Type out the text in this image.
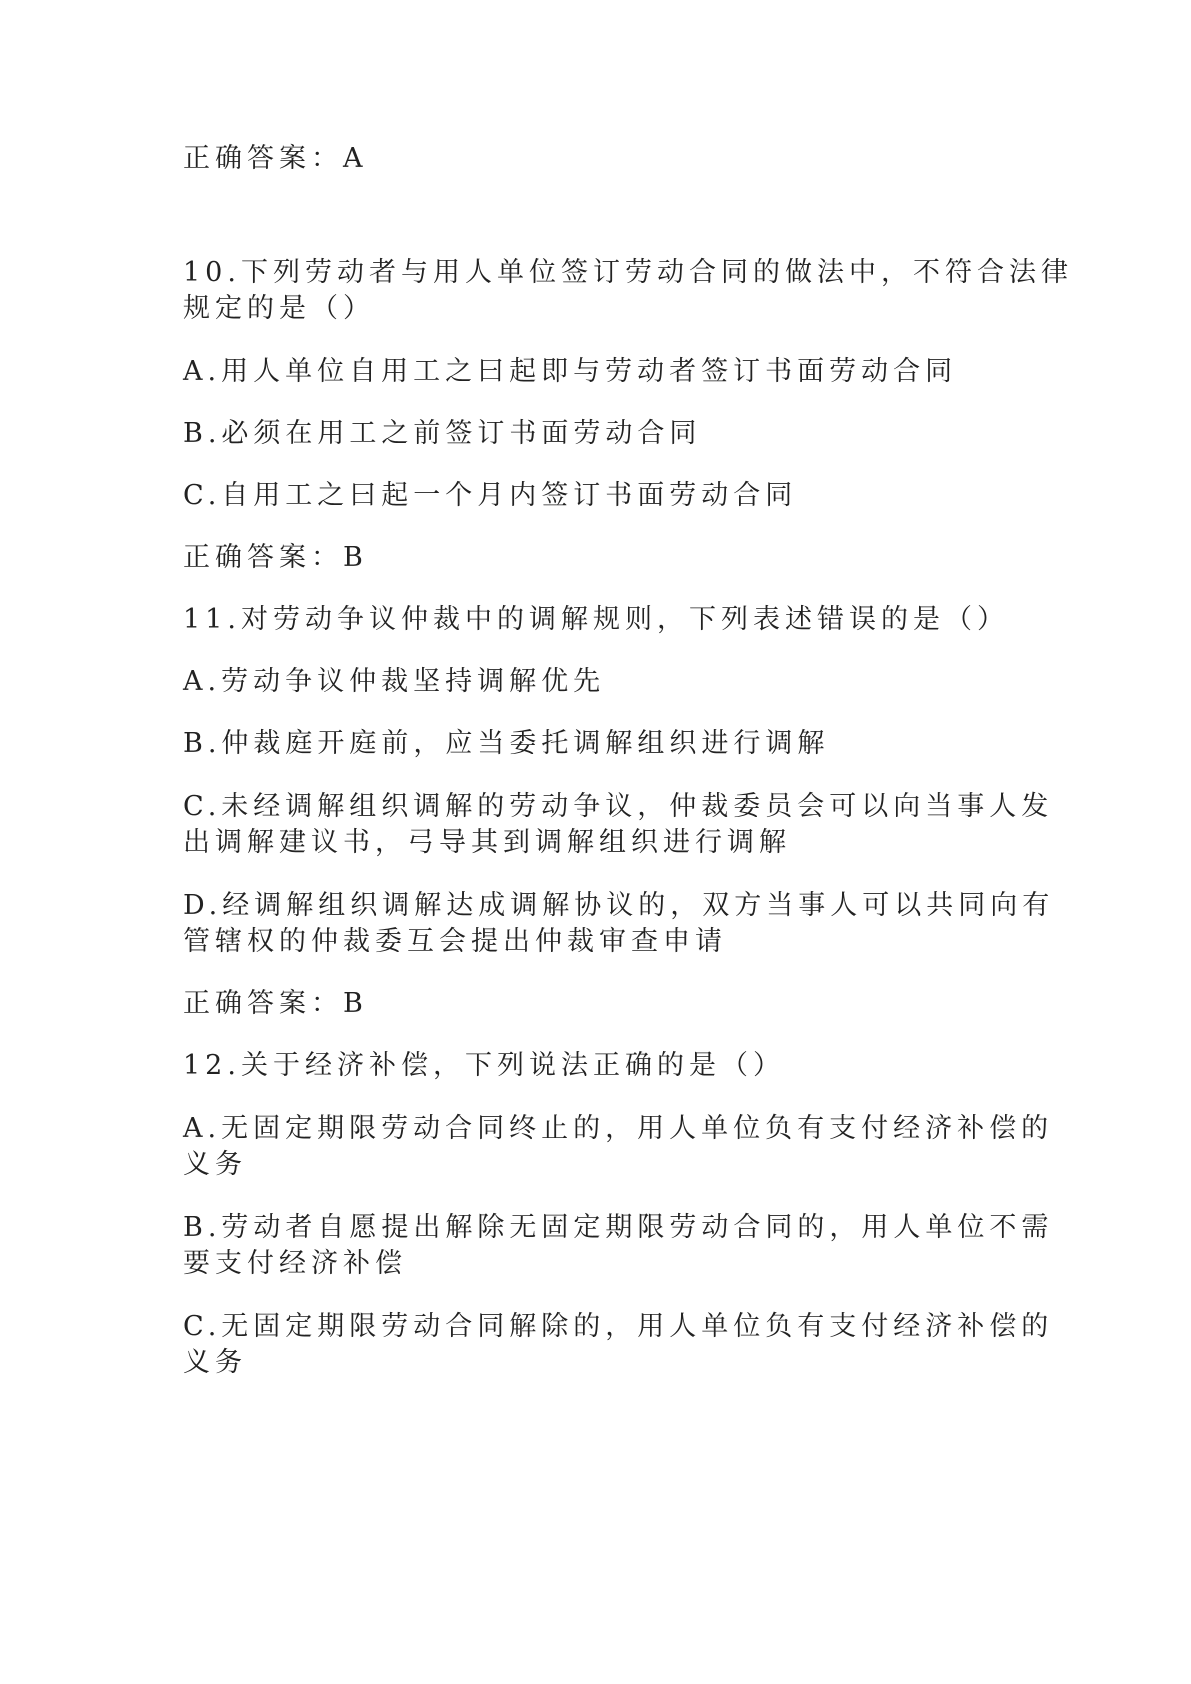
正确答案：A

10.下列劳动者与用人单位签订劳动合同的做法中，不符合法律

规定的是（）

A.用人单位自用工之曰起即与劳动者签订书面劳动合同

B.必须在用工之前签订书面劳动合同

C.自用工之曰起一个月内签订书面劳动合同

正确答案：B

11.对劳动争议仲裁中的调解规则，下列表述错误的是（）

A.劳动争议仲裁坚持调解优先

B.仲裁庭开庭前，应当委托调解组织进行调解

C.未经调解组织调解的劳动争议，仲裁委员会可以向当事人发

出调解建议书，弓导其到调解组织进行调解

D.经调解组织调解达成调解协议的，双方当事人可以共同向有

管辖权的仲裁委互会提出仲裁审查申请

正确答案：B

12.关于经济补偿，下列说法正确的是（）

A.无固定期限劳动合同终止的，用人单位负有支付经济补偿的

义务

B.劳动者自愿提出解除无固定期限劳动合同的，用人单位不需

要支付经济补偿

C.无固定期限劳动合同解除的，用人单位负有支付经济补偿的

义务
